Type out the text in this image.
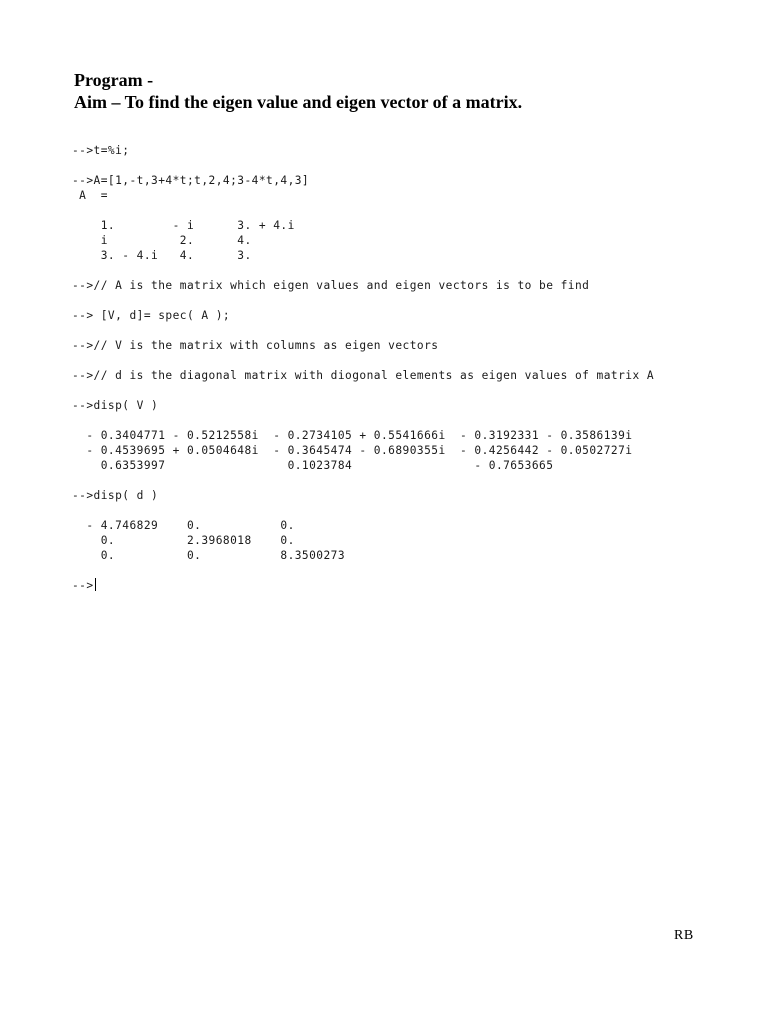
Program -
Aim – To find the eigen value and eigen vector of a matrix.
-->t=%i;
-->A=[1,-t,3+4*t;t,2,4;3-4*t,4,3]
A  =
1.        - i      3. + 4.i
i          2.      4.
3. - 4.i   4.      3.
-->// A is the matrix which eigen values and eigen vectors is to be find
--> [V, d]= spec( A );
-->// V is the matrix with columns as eigen vectors
-->// d is the diagonal matrix with diogonal elements as eigen values of matrix A
-->disp( V )
- 0.3404771 - 0.5212558i  - 0.2734105 + 0.5541666i  - 0.3192331 - 0.3586139i
- 0.4539695 + 0.0504648i  - 0.3645474 - 0.6890355i  - 0.4256442 - 0.0502727i
0.6353997                 0.1023784                 - 0.7653665
-->disp( d )
- 4.746829    0.           0.
0.          2.3968018    0.
0.          0.           8.3500273
-->

RB
